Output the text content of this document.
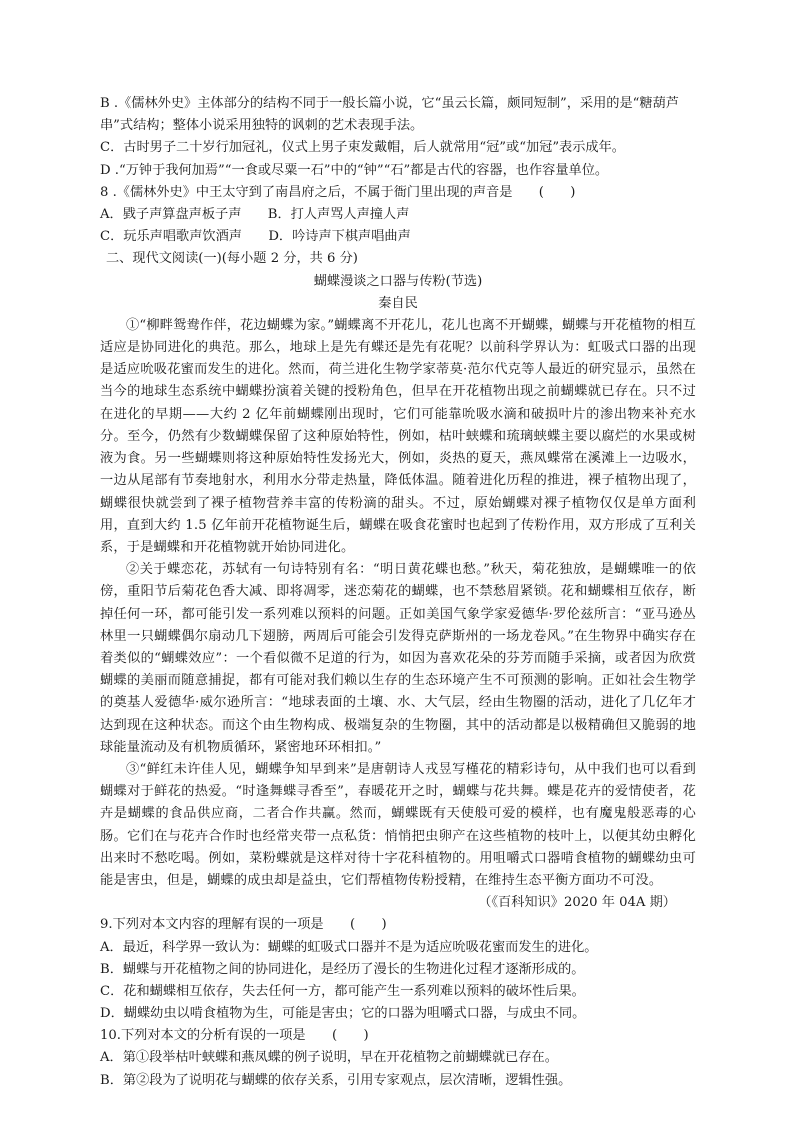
B .《儒林外史》主体部分的结构不同于一般长篇小说，它“虽云长篇，颇同短制”，采用的是“糖葫芦
串”式结构；整体小说采用独特的讽刺的艺术表现手法。
C．古时男子二十岁行加冠礼，仪式上男子束发戴帽，后人就常用“冠”或“加冠”表示成年。
D .“万钟于我何加焉”“一食或尽粟一石”中的“钟”“石”都是古代的容器，也作容量单位。
8 .《儒林外史》中王太守到了南昌府之后，不属于衙门里出现的声音是　　(　　)
A．戥子声算盘声板子声　　B．打人声骂人声撞人声
C．玩乐声唱歌声饮酒声　　D．吟诗声下棋声唱曲声
二、现代文阅读(一)(每小题 2 分，共 6 分)
蝴蝶漫谈之口器与传粉(节选)
秦自民

①“柳畔鸳鸯作伴，花边蝴蝶为家。”蝴蝶离不开花儿，花儿也离不开蝴蝶，蝴蝶与开花植物的相互适应是协同进化的典范。那么，地球上是先有蝶还是先有花呢？以前科学界认为：虹吸式口器的出现是适应吮吸花蜜而发生的进化。然而，荷兰进化生物学家蒂莫·范尔代克等人最近的研究显示，虽然在当今的地球生态系统中蝴蝶扮演着关键的授粉角色，但早在开花植物出现之前蝴蝶就已存在。只不过在进化的早期——大约 2 亿年前蝴蝶刚出现时，它们可能靠吮吸水滴和破损叶片的渗出物来补充水分。至今，仍然有少数蝴蝶保留了这种原始特性，例如，枯叶蛱蝶和琉璃蛱蝶主要以腐烂的水果或树液为食。另一些蝴蝶则将这种原始特性发扬光大，例如，炎热的夏天，燕凤蝶常在溪滩上一边吸水，一边从尾部有节奏地射水，利用水分带走热量，降低体温。随着进化历程的推进，裸子植物出现了，蝴蝶很快就尝到了裸子植物营养丰富的传粉滴的甜头。不过，原始蝴蝶对裸子植物仅仅是单方面利用，直到大约 1.5 亿年前开花植物诞生后，蝴蝶在吸食花蜜时也起到了传粉作用，双方形成了互利关系，于是蝴蝶和开花植物就开始协同进化。

②关于蝶恋花，苏轼有一句诗特别有名：“明日黄花蝶也愁。”秋天，菊花独放，是蝴蝶唯一的依傍，重阳节后菊花色香大减、即将凋零，迷恋菊花的蝴蝶，也不禁愁眉紧锁。花和蝴蝶相互依存，断掉任何一环，都可能引发一系列难以预料的问题。正如美国气象学家爱德华·罗伦兹所言：“亚马逊丛林里一只蝴蝶偶尔扇动几下翅膀，两周后可能会引发得克萨斯州的一场龙卷风。”在生物界中确实存在着类似的“蝴蝶效应”：一个看似微不足道的行为，如因为喜欢花朵的芬芳而随手采摘，或者因为欣赏蝴蝶的美丽而随意捕捉，都有可能对我们赖以生存的生态环境产生不可预测的影响。正如社会生物学的奠基人爱德华·威尔逊所言：“地球表面的土壤、水、大气层，经由生物圈的活动，进化了几亿年才达到现在这种状态。而这个由生物构成、极端复杂的生物圈，其中的活动都是以极精确但又脆弱的地球能量流动及有机物质循环，紧密地环环相扣。”

③“鲜红未许佳人见，蝴蝶争知早到来”是唐朝诗人戎昱写槿花的精彩诗句，从中我们也可以看到蝴蝶对于鲜花的热爱。“时逢舞蝶寻香至”，春暖花开之时，蝴蝶与花共舞。蝶是花卉的爱情使者，花卉是蝴蝶的食品供应商，二者合作共赢。然而，蝴蝶既有天使般可爱的模样，也有魔鬼般恶毒的心肠。它们在与花卉合作时也经常夹带一点私货：悄悄把虫卵产在这些植物的枝叶上，以便其幼虫孵化出来时不愁吃喝。例如，菜粉蝶就是这样对待十字花科植物的。用咀嚼式口器啃食植物的蝴蝶幼虫可能是害虫，但是，蝴蝶的成虫却是益虫，它们帮植物传粉授精，在维持生态平衡方面功不可没。

（《百科知识》2020 年 04A 期）
9.下列对本文内容的理解有误的一项是　　(　　)
A．最近，科学界一致认为：蝴蝶的虹吸式口器并不是为适应吮吸花蜜而发生的进化。
B．蝴蝶与开花植物之间的协同进化，是经历了漫长的生物进化过程才逐渐形成的。
C．花和蝴蝶相互依存，失去任何一方，都可能产生一系列难以预料的破坏性后果。
D．蝴蝶幼虫以啃食植物为生，可能是害虫；它的口器为咀嚼式口器，与成虫不同。
10.下列对本文的分析有误的一项是　　(　　)
A．第①段举枯叶蛱蝶和燕凤蝶的例子说明，早在开花植物之前蝴蝶就已存在。
B．第②段为了说明花与蝴蝶的依存关系，引用专家观点，层次清晰，逻辑性强。
